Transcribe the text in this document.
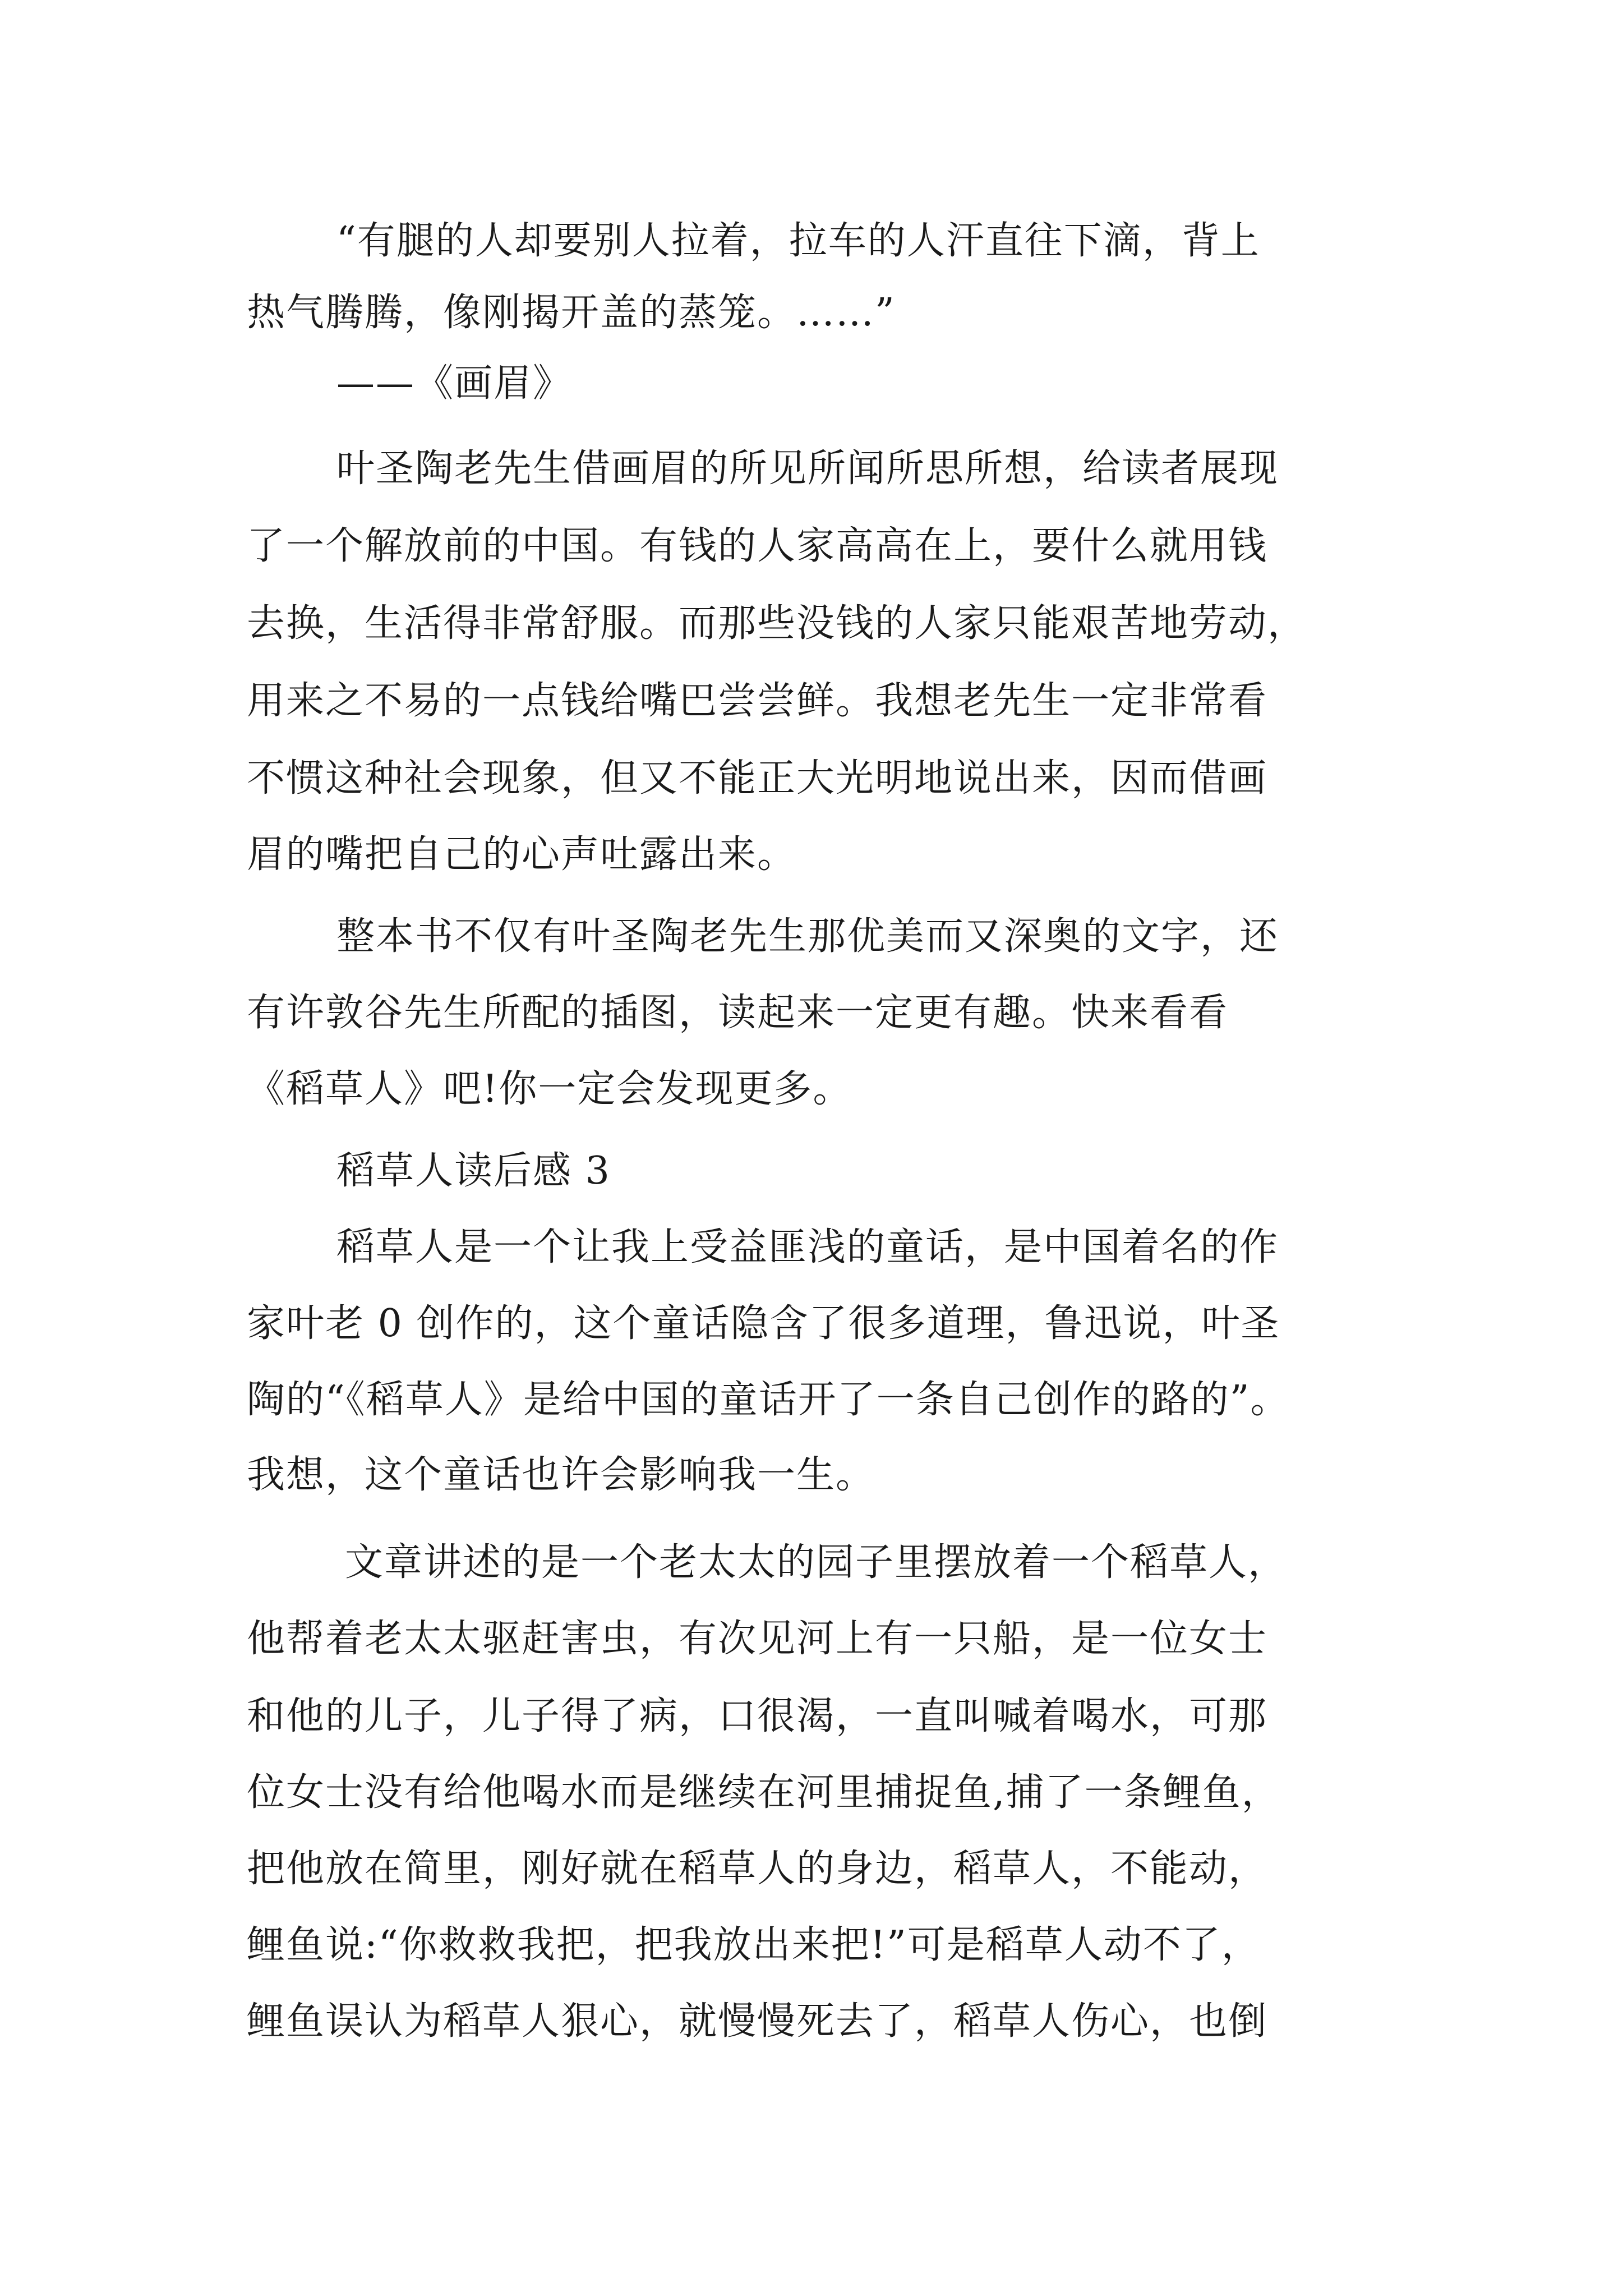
“有腿的人却要别人拉着，拉车的人汗直往下滴，背上
热气腾腾，像刚揭开盖的蒸笼。……”
——《画眉》
叶圣陶老先生借画眉的所见所闻所思所想，给读者展现
了一个解放前的中国。有钱的人家高高在上，要什么就用钱
去换，生活得非常舒服。而那些没钱的人家只能艰苦地劳动，
用来之不易的一点钱给嘴巴尝尝鲜。我想老先生一定非常看
不惯这种社会现象，但又不能正大光明地说出来，因而借画
眉的嘴把自己的心声吐露出来。
整本书不仅有叶圣陶老先生那优美而又深奥的文字，还
有许敦谷先生所配的插图，读起来一定更有趣。快来看看
《稻草人》吧!你一定会发现更多。
稻草人读后感 3
稻草人是一个让我上受益匪浅的童话，是中国着名的作
家叶老 0 创作的，这个童话隐含了很多道理，鲁迅说，叶圣
陶的“《稻草人》是给中国的童话开了一条自己创作的路的”。
我想，这个童话也许会影响我一生。
文章讲述的是一个老太太的园子里摆放着一个稻草人，
他帮着老太太驱赶害虫，有次见河上有一只船，是一位女士
和他的儿子，儿子得了病，口很渴，一直叫喊着喝水，可那
位女士没有给他喝水而是继续在河里捕捉鱼,捕了一条鲤鱼，
把他放在简里，刚好就在稻草人的身边，稻草人，不能动，
鲤鱼说:“你救救我把，把我放出来把!”可是稻草人动不了，
鲤鱼误认为稻草人狠心，就慢慢死去了，稻草人伤心，也倒
